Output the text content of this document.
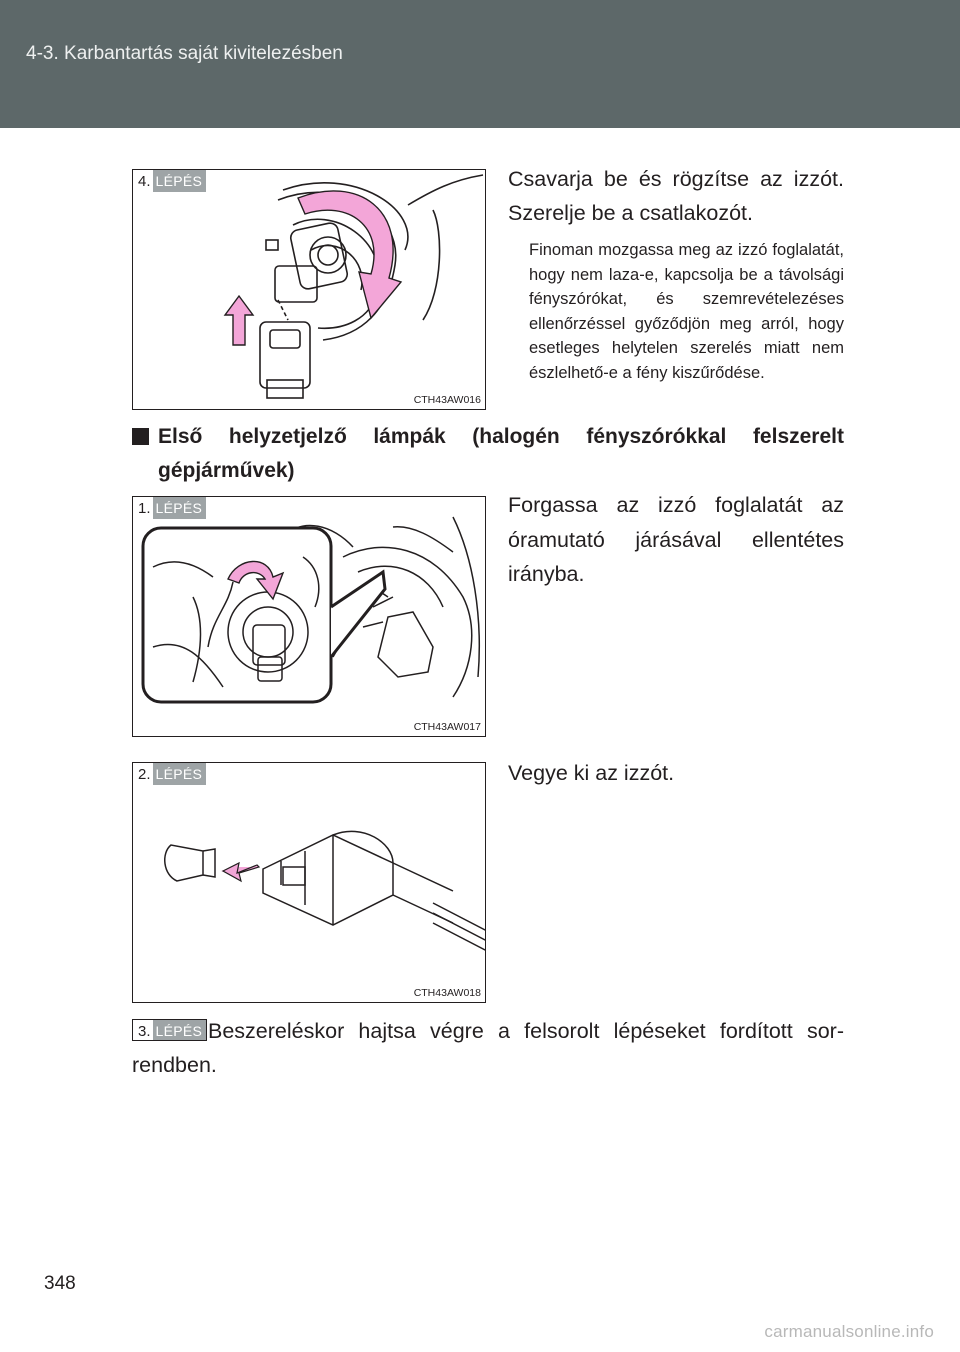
4-3. Karbantartás saját kivitelezésben
4. LÉPÉS
CTH43AW016
Csavarja be és rögzítse az izzót. Szerelje be a csatlakozót.
Finoman mozgassa meg az izzó foglalatát, hogy nem laza-e, kapcsolja be a távolsági fényszórókat, és szemrevételezéses ellenőrzéssel győződjön meg arról, hogy esetleges helytelen szerelés miatt nem észlelhető-e a fény kiszűrődése.
Első helyzetjelző lámpák (halogén fényszórókkal felszerelt gépjárművek)
1. LÉPÉS
CTH43AW017
Forgassa az izzó foglalatát az óramutató járásával ellentétes irányba.
2. LÉPÉS
CTH43AW018
Vegye ki az izzót.
3. LÉPÉS Beszereléskor hajtsa végre a felsorolt lépéseket fordított sorrendben.
348
carmanualsonline.info
